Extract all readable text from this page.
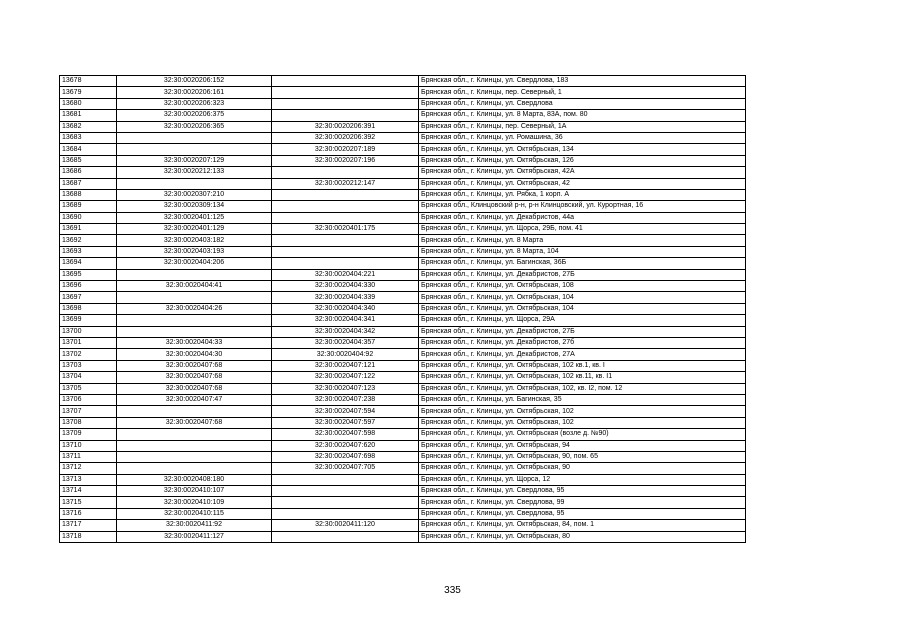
13678	32:30:0020206:152		Брянская обл., г. Клинцы, ул. Свердлова, 183
13679	32:30:0020206:161		Брянская обл., г. Клинцы, пер. Северный, 1
13680	32:30:0020206:323		Брянская обл., г. Клинцы, ул. Свердлова
13681	32:30:0020206:375		Брянская обл., г. Клинцы, ул. 8 Марта, 83А, пом. 80
13682	32:30:0020206:365	32:30:0020206:391	Брянская обл., г. Клинцы, пер. Северный, 1А
13683		32:30:0020206:392	Брянская обл., г. Клинцы, ул. Ромашина, 36
13684		32:30:0020207:189	Брянская обл., г. Клинцы, ул. Октябрьская, 134
13685	32:30:0020207:129	32:30:0020207:196	Брянская обл., г. Клинцы, ул. Октябрьская, 126
13686	32:30:0020212:133		Брянская обл., г. Клинцы, ул. Октябрьская, 42А
13687		32:30:0020212:147	Брянская обл., г. Клинцы, ул. Октябрьская, 42
13688	32:30:0020307:210		Брянская обл., г. Клинцы, ул. Рябка, 1 корп. А
13689	32:30:0020309:134		Брянская обл., Клинцовский р-н, р-н Клинцовский, ул. Курортная, 16
13690	32:30:0020401:125		Брянская обл., г. Клинцы, ул. Декабристов, 44а
13691	32:30:0020401:129	32:30:0020401:175	Брянская обл., г. Клинцы, ул. Щорса, 29Б, пом. 41
13692	32:30:0020403:182		Брянская обл., г. Клинцы, ул. 8 Марта
13693	32:30:0020403:193		Брянская обл., г. Клинцы, ул. 8 Марта, 104
13694	32:30:0020404:206		Брянская обл., г. Клинцы, ул. Багинская, 36Б
13695		32:30:0020404:221	Брянская обл., г. Клинцы, ул. Декабристов, 27Б
13696	32:30:0020404:41	32:30:0020404:330	Брянская обл., г. Клинцы, ул. Октябрьская, 108
13697		32:30:0020404:339	Брянская обл., г. Клинцы, ул. Октябрьская, 104
13698	32:30:0020404:26	32:30:0020404:340	Брянская обл., г. Клинцы, ул. Октябрьская, 104
13699		32:30:0020404:341	Брянская обл., г. Клинцы, ул. Щорса, 29А
13700		32:30:0020404:342	Брянская обл., г. Клинцы, ул. Декабристов, 27Б
13701	32:30:0020404:33	32:30:0020404:357	Брянская обл., г. Клинцы, ул. Декабристов, 27б
13702	32:30:0020404:30	32:30:0020404:92	Брянская обл., г. Клинцы, ул. Декабристов, 27А
13703	32:30:0020407:68	32:30:0020407:121	Брянская обл., г. Клинцы, ул. Октябрьская, 102 кв.1, кв. I
13704	32:30:0020407:68	32:30:0020407:122	Брянская обл., г. Клинцы, ул. Октябрьская, 102 кв.11, кв. I1
13705	32:30:0020407:68	32:30:0020407:123	Брянская обл., г. Клинцы, ул. Октябрьская, 102, кв. I2, пом. 12
13706	32:30:0020407:47	32:30:0020407:238	Брянская обл., г. Клинцы, ул. Багинская, 35
13707		32:30:0020407:594	Брянская обл., г. Клинцы, ул. Октябрьская, 102
13708	32:30:0020407:68	32:30:0020407:597	Брянская обл., г. Клинцы, ул. Октябрьская, 102
13709		32:30:0020407:598	Брянская обл., г. Клинцы, ул. Октябрьская (возле д. №90)
13710		32:30:0020407:620	Брянская обл., г. Клинцы, ул. Октябрьская, 94
13711		32:30:0020407:698	Брянская обл., г. Клинцы, ул. Октябрьская, 90, пом. 65
13712		32:30:0020407:705	Брянская обл., г. Клинцы, ул. Октябрьская, 90
13713	32:30:0020408:180		Брянская обл., г. Клинцы, ул. Щорса, 12
13714	32:30:0020410:107		Брянская обл., г. Клинцы, ул. Свердлова, 95
13715	32:30:0020410:109		Брянская обл., г. Клинцы, ул. Свердлова, 99
13716	32:30:0020410:115		Брянская обл., г. Клинцы, ул. Свердлова, 95
13717	32:30:0020411:92	32:30:0020411:120	Брянская обл., г. Клинцы, ул. Октябрьская, 84, пом. 1
13718	32:30:0020411:127		Брянская обл., г. Клинцы, ул. Октябрьская, 80
335
